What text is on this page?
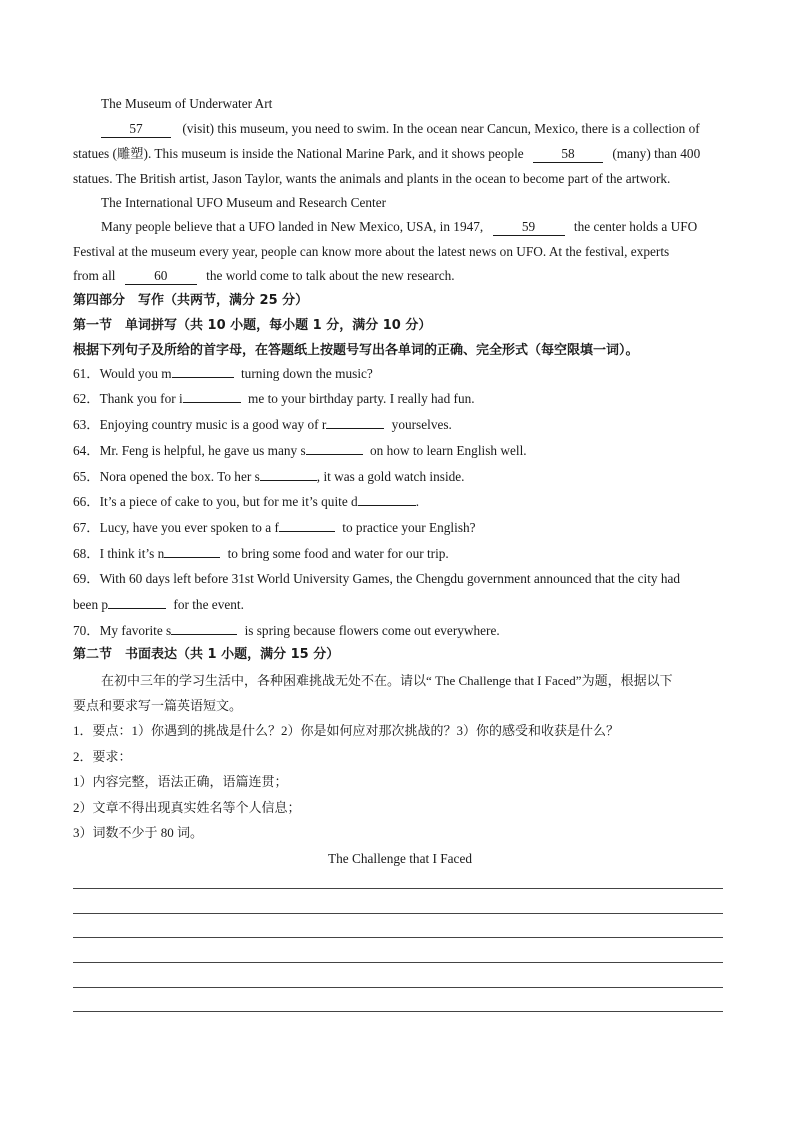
The Museum of Underwater Art
57	(visit) this museum, you need to swim. In the ocean near Cancun, Mexico, there is a collection of
statues (雕塑). This museum is inside the National Marine Park, and it shows people	58	(many) than 400
statues. The British artist, Jason Taylor, wants the animals and plants in the ocean to become part of the artwork.
The International UFO Museum and Research Center
Many people believe that a UFO landed in New Mexico, USA, in 1947,	59	the center holds a UFO
Festival at the museum every year, people can know more about the latest news on UFO. At the festival, experts
from all	60	the world come to talk about the new research.
第四部分　写作（共两节，满分 25 分）
第一节　单词拼写（共 10 小题，每小题 1 分，满分 10 分）
根据下列句子及所给的首字母，在答题纸上按题号写出各单词的正确、完全形式（每空限填一词）。
61．Would you m	turning down the music?
62．Thank you for i	me to your birthday party. I really had fun.
63．Enjoying country music is a good way of r	yourselves.
64．Mr. Feng is helpful, he gave us many s	on how to learn English well.
65．Nora opened the box. To her s	, it was a gold watch inside.
66．It’s a piece of cake to you, but for me it’s quite d	.
67．Lucy, have you ever spoken to a f	to practice your English?
68．I think it’s n	to bring some food and water for our trip.
69．With 60 days left before 31st World University Games, the Chengdu government announced that the city had
been p	for the event.
70．My favorite s	is spring because flowers come out everywhere.
第二节　书面表达（共 1 小题，满分 15 分）
在初中三年的学习生活中，各种困难挑战无处不在。请以“ The Challenge that I Faced”为题，根据以下
要点和要求写一篇英语短文。
1．要点：1）你遇到的挑战是什么？2）你是如何应对那次挑战的？3）你的感受和收获是什么？
2．要求：
1）内容完整，语法正确，语篇连贯；
2）文章不得出现真实姓名等个人信息；
3）词数不少于 80 词。
The Challenge that I Faced
